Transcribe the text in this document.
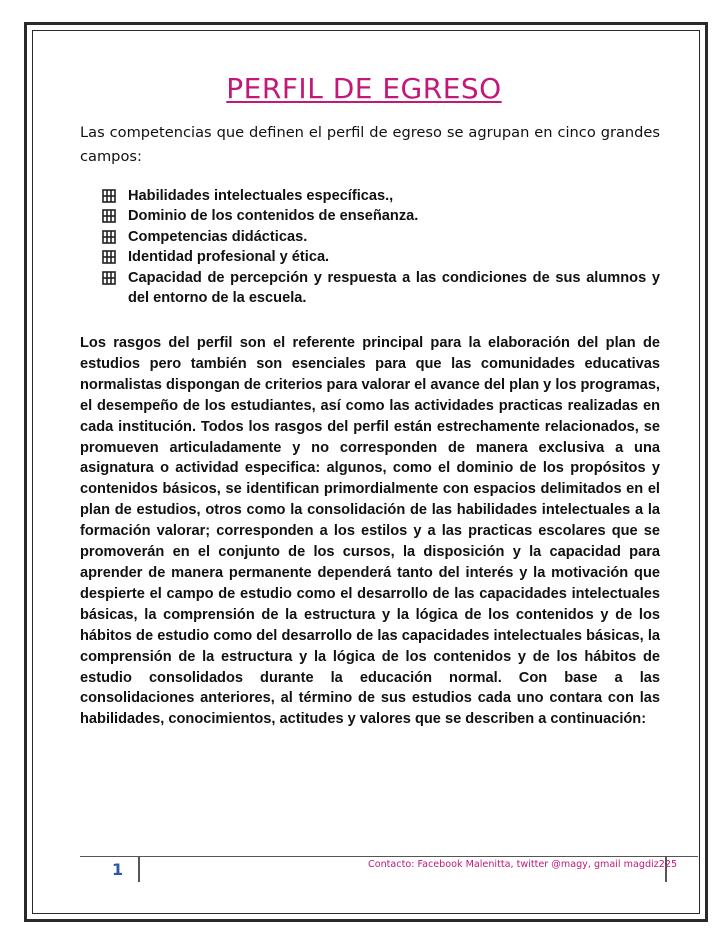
PERFIL DE EGRESO
Las competencias que definen el perfil de egreso se agrupan en cinco grandes campos:
Habilidades intelectuales específicas.,
Dominio de los contenidos de enseñanza.
Competencias didácticas.
Identidad profesional y ética.
Capacidad de percepción y respuesta a las condiciones de sus alumnos y del entorno de la escuela.

Los rasgos del perfil son el referente principal para la elaboración del plan de estudios pero también son esenciales para que las comunidades educativas normalistas dispongan de criterios para valorar el avance del plan y los programas, el desempeño de los estudiantes, así como las actividades practicas realizadas en cada institución. Todos los rasgos del perfil están estrechamente relacionados, se promueven articuladamente y no corresponden de manera exclusiva a una asignatura o actividad especifica: algunos, como el dominio de los propósitos y contenidos básicos, se identifican primordialmente con espacios delimitados en el plan de estudios, otros como la consolidación de las habilidades intelectuales a la formación valorar; corresponden a los estilos y a las practicas escolares que se promoverán en el conjunto de los cursos, la disposición y la capacidad para aprender de manera permanente dependerá tanto del interés y la motivación que despierte el campo de estudio como el desarrollo de las capacidades intelectuales básicas, la comprensión de la estructura y la lógica de los contenidos y de los hábitos de estudio como del desarrollo de las capacidades intelectuales básicas, la comprensión de la estructura y la lógica de los contenidos y de los hábitos de estudio consolidados durante la educación normal. Con base a las consolidaciones anteriores, al término de sus estudios cada uno contara con las habilidades, conocimientos, actitudes y valores que se describen a continuación:

1	Contacto: Facebook Malenitta, twitter @magy, gmail magdiz225
